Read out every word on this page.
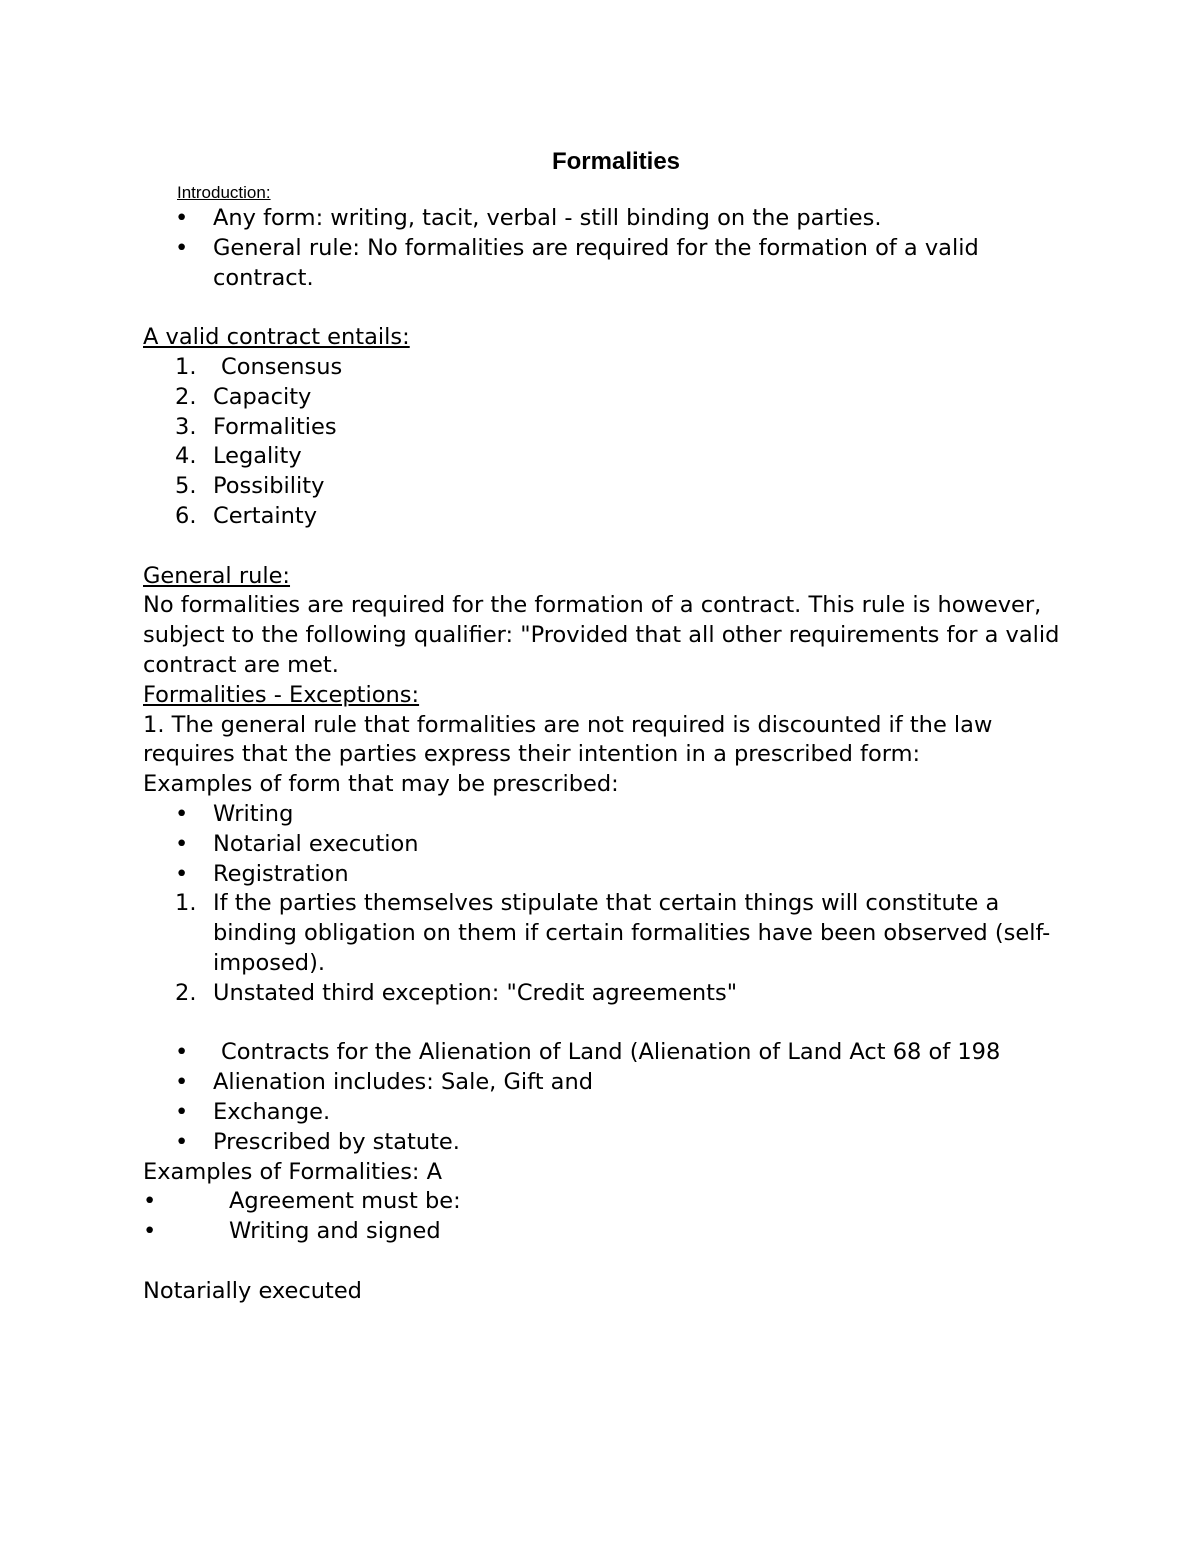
Formalities
Introduction:
• Any form: writing, tacit, verbal - still binding on the parties.
• General rule: No formalities are required for the formation of a valid contract.
A valid contract entails:
1. Consensus
2. Capacity
3. Formalities
4. Legality
5. Possibility
6. Certainty
General rule:
No formalities are required for the formation of a contract. This rule is however, subject to the following qualifier: "Provided that all other requirements for a valid contract are met.
Formalities - Exceptions:
1. The general rule that formalities are not required is discounted if the law requires that the parties express their intention in a prescribed form:
Examples of form that may be prescribed:
• Writing
• Notarial execution
• Registration
1. If the parties themselves stipulate that certain things will constitute a binding obligation on them if certain formalities have been observed (self-imposed).
2. Unstated third exception: "Credit agreements"
• Contracts for the Alienation of Land (Alienation of Land Act 68 of 198
• Alienation includes: Sale, Gift and
• Exchange.
• Prescribed by statute.
Examples of Formalities: A
• Agreement must be:
• Writing and signed
Notarially executed
